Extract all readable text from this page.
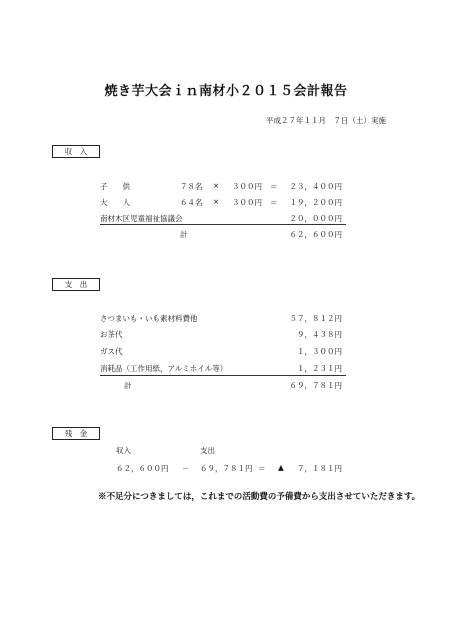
焼き芋大会ｉｎ南材小２０１５会計報告
平成２７年１１月　７日（土）実施
収　入
子　　供	７８名 × ３００円 ＝	２３，４００円
大　　人	６４名 × ３００円 ＝	１９，２００円
南材木区児童福祉協議会	２０，０００円
計	６２，６００円
支　出
さつまいも・いも素材料費他	５７，８１２円
お茶代	９，４３８円
ガス代	１，３００円
消耗品（工作用紙，アルミホイル等）	１，２３１円
計	６９，７８１円
残　金
収入	支出
６２，６００円 － ６９，７８１円 ＝ ▲	７，１８１円
※不足分につきましては，これまでの活動費の予備費から支出させていただきます。
